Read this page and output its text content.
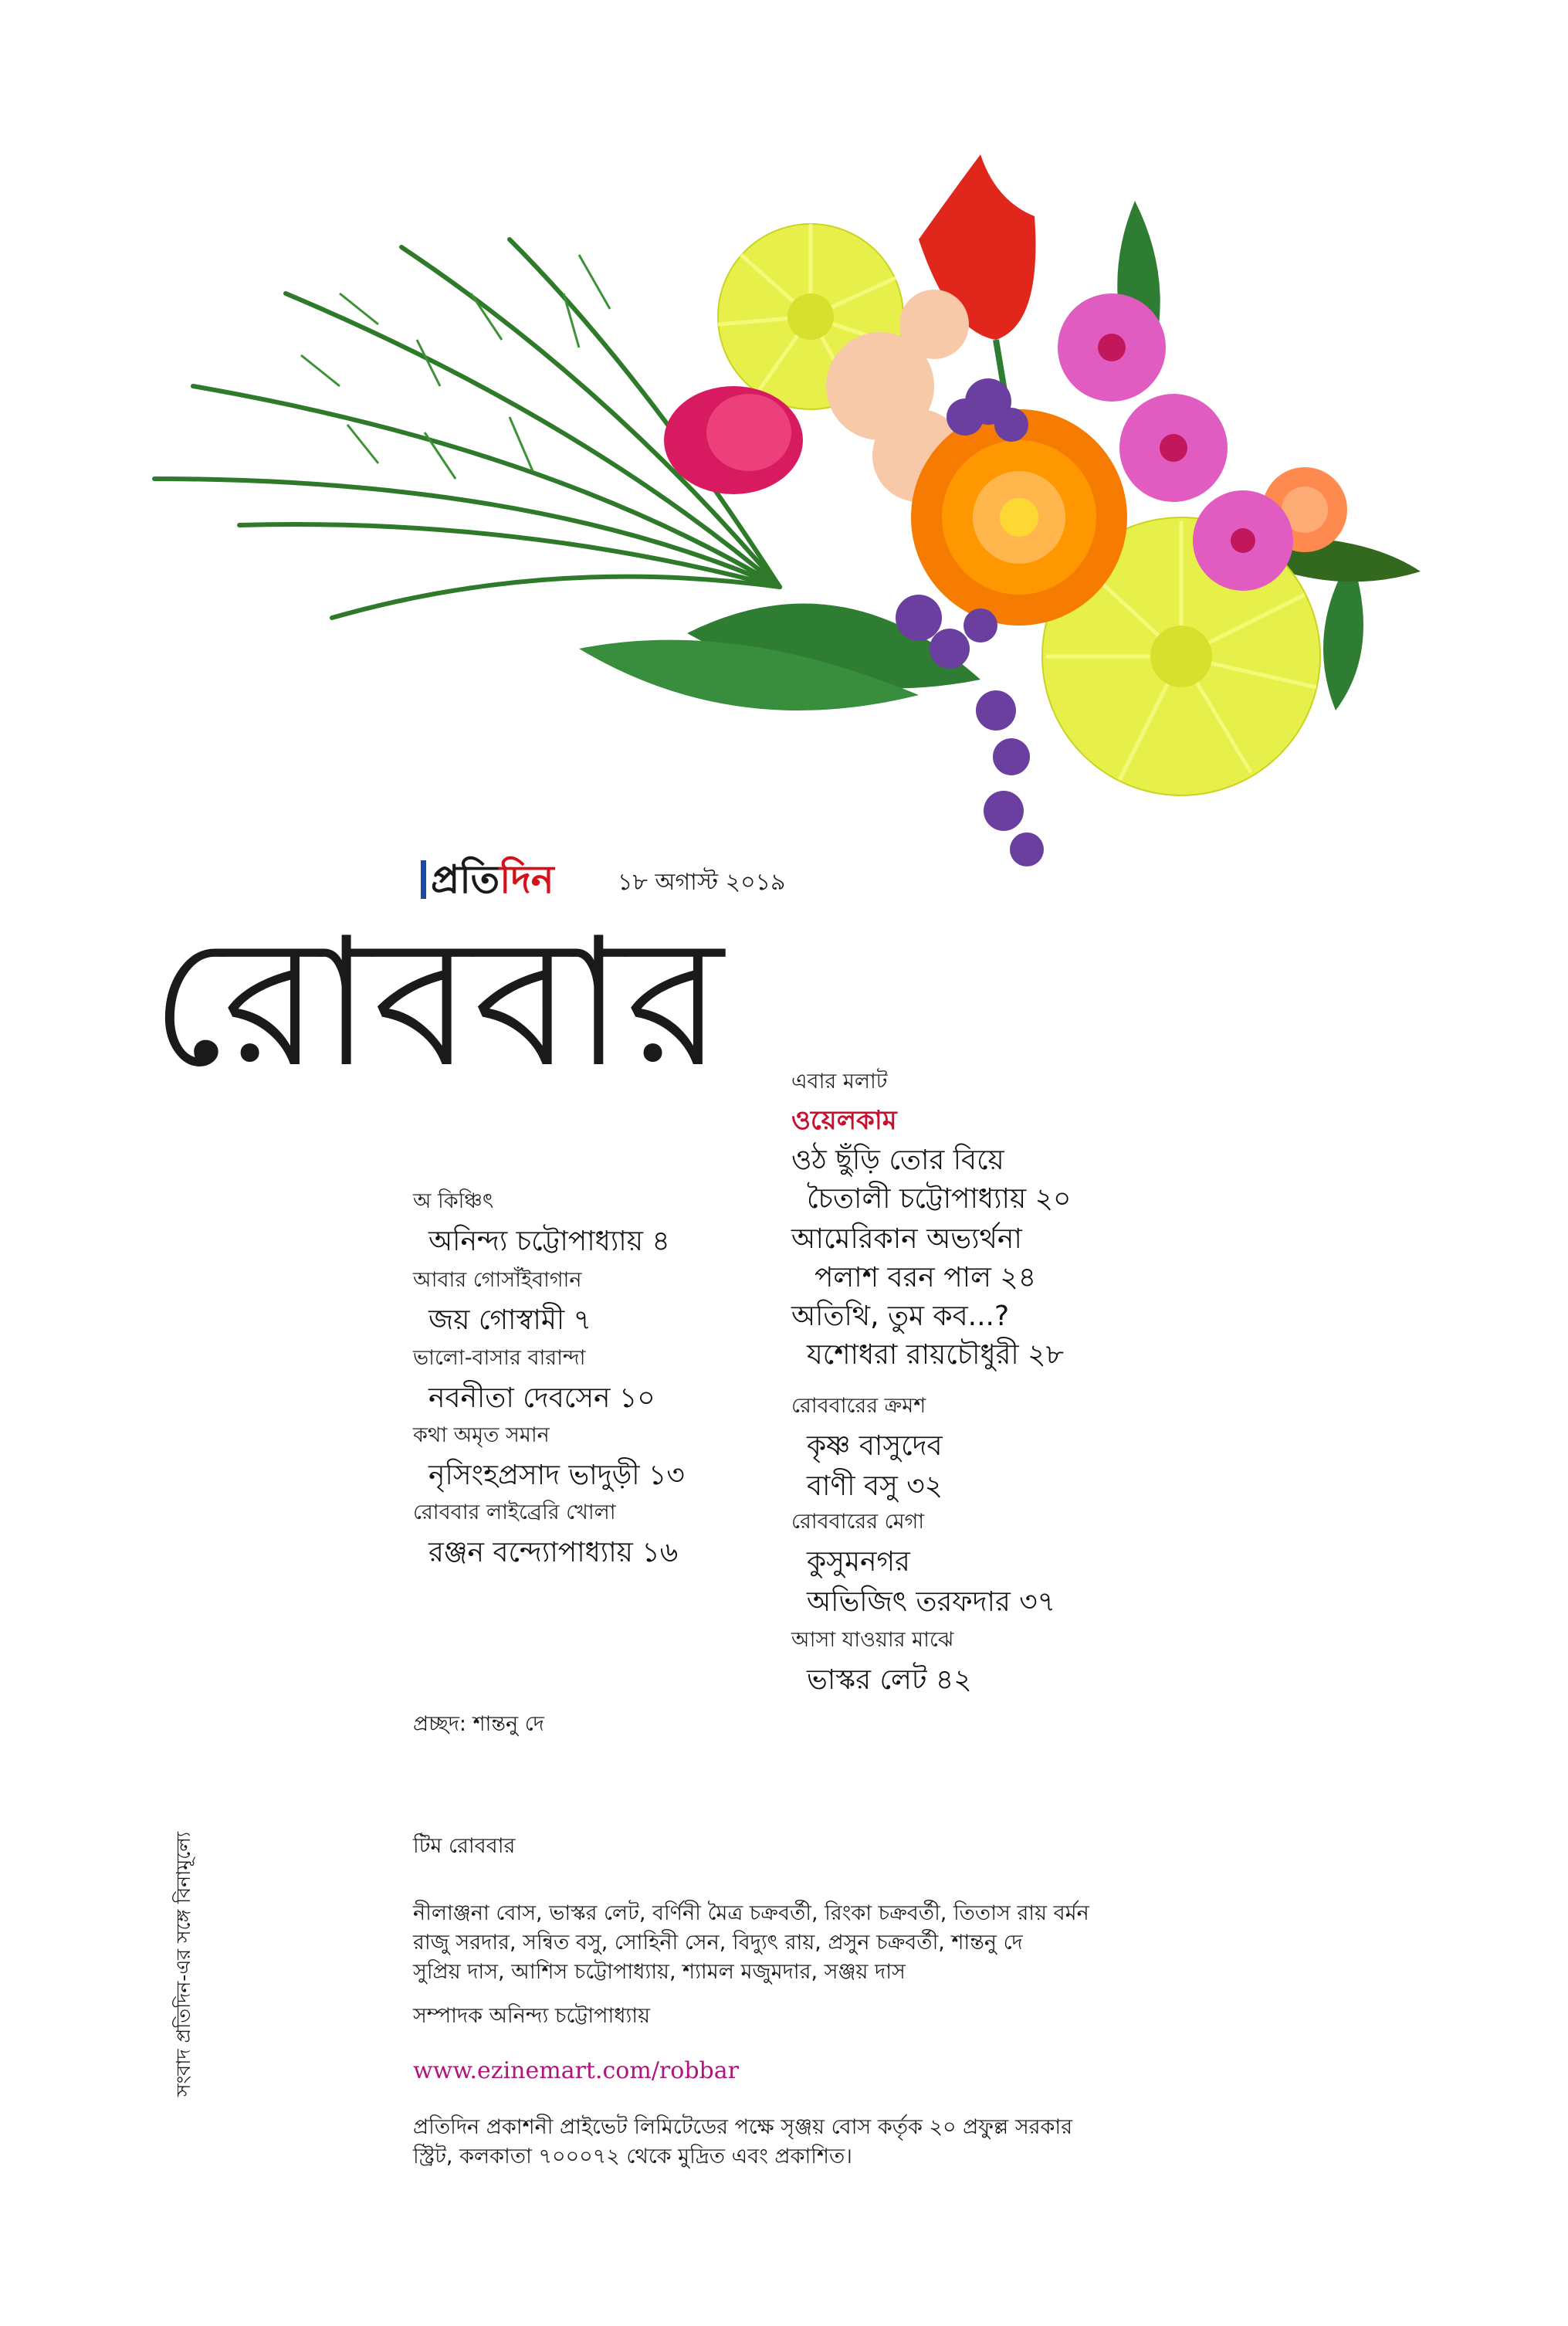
প্রতি দিন	১৮ অগাস্ট ২০১৯
রোববার
অ কিঞ্চিৎ
অনিন্দ্য চট্টোপাধ্যায় ৪
আবার গোসাঁইবাগান
জয় গোস্বামী ৭
ভালো-বাসার বারান্দা
নবনীতা দেবসেন ১০
কথা অমৃত সমান
নৃসিংহপ্রসাদ ভাদুড়ী ১৩
রোববার লাইব্রেরি খোলা
রঞ্জন বন্দ্যোপাধ্যায় ১৬
এবার মলাট
ওয়েলকাম
ওঠ ছুঁড়ি তোর বিয়ে
চৈতালী চট্টোপাধ্যায় ২০
আমেরিকান অভ্যর্থনা
পলাশ বরন পাল ২৪
অতিথি, তুম কব...?
যশোধরা রায়চৌধুরী ২৮
রোববারের ক্রমশ
কৃষ্ণ বাসুদেব
বাণী বসু ৩২
রোববারের মেগা
কুসুমনগর
অভিজিৎ তরফদার ৩৭
আসা যাওয়ার মাঝে
ভাস্কর লেট ৪২
প্রচ্ছদ: শান্তনু দে
টিম রোববার
নীলাঞ্জনা বোস, ভাস্কর লেট, বর্ণিনী মৈত্র চক্রবর্তী, রিংকা চক্রবর্তী, তিতাস রায় বর্মন
রাজু সরদার, সন্বিত বসু, সোহিনী সেন, বিদ্যুৎ রায়, প্রসুন চক্রবর্তী, শান্তনু দে
সুপ্রিয় দাস, আশিস চট্টোপাধ্যায়, শ্যামল মজুমদার, সঞ্জয় দাস
সম্পাদক অনিন্দ্য চট্টোপাধ্যায়
www.ezinemart.com/robbar
প্রতিদিন প্রকাশনী প্রাইভেট লিমিটেডের পক্ষে সৃঞ্জয় বোস কর্তৃক ২০ প্রফুল্ল সরকার
স্ট্রিট, কলকাতা ৭০০০৭২ থেকে মুদ্রিত এবং প্রকাশিত।
সংবাদ প্রতিদিন-এর সঙ্গে বিনামূল্যে
